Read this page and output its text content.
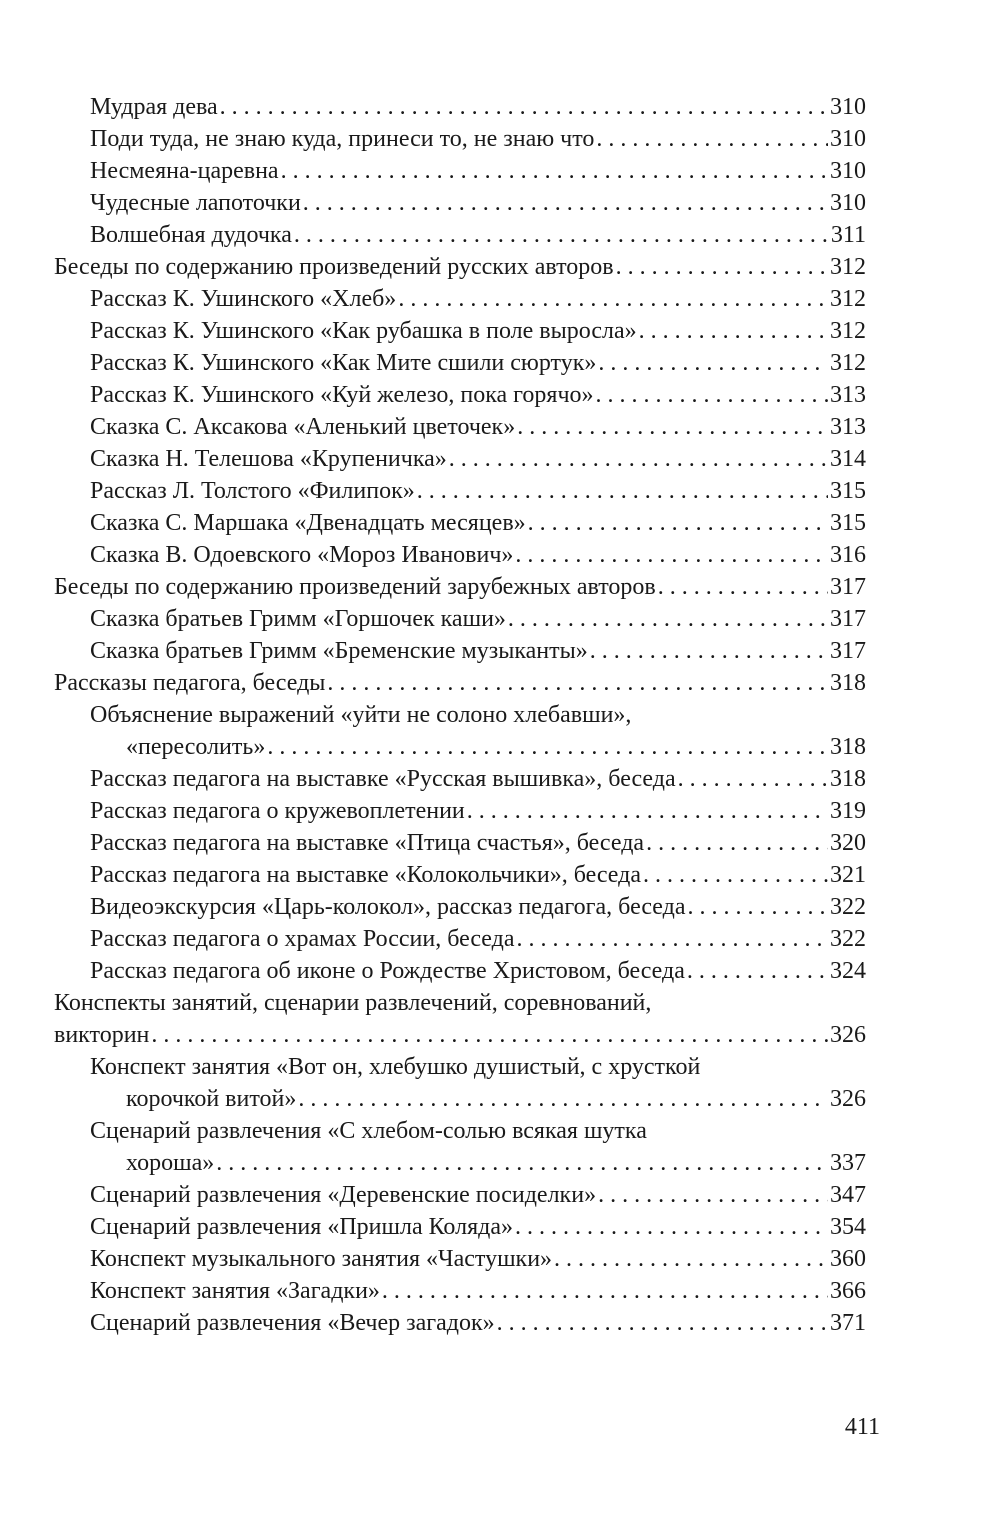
Мудрая дева . . .	310
Поди туда, не знаю куда, принеси то, не знаю что . . .	310
Несмеяна-царевна . . .	310
Чудесные лапоточки . . .	310
Волшебная дудочка . . .	311
Беседы по содержанию произведений русских авторов . . .	312
Рассказ К. Ушинского «Хлеб» . . .	312
Рассказ К. Ушинского «Как рубашка в поле выросла» . . .	312
Рассказ К. Ушинского «Как Мите сшили сюртук» . . .	312
Рассказ К. Ушинского «Куй железо, пока горячо» . . .	313
Сказка С. Аксакова «Аленький цветочек» . . .	313
Сказка Н. Телешова «Крупеничка» . . .	314
Рассказ Л. Толстого «Филипок» . . .	315
Сказка С. Маршака «Двенадцать месяцев» . . .	315
Сказка В. Одоевского «Мороз Иванович» . . .	316
Беседы по содержанию произведений зарубежных авторов . . .	317
Сказка братьев Гримм «Горшочек каши» . . .	317
Сказка братьев Гримм «Бременские музыканты» . . .	317
Рассказы педагога, беседы . . .	318
Объяснение выражений «уйти не солоно хлебавши»,
«пересолить» . . .	318
Рассказ педагога на выставке «Русская вышивка», беседа . . .	318
Рассказ педагога о кружевоплетении . . .	319
Рассказ педагога на выставке «Птица счастья», беседа . . .	320
Рассказ педагога на выставке «Колокольчики», беседа . . .	321
Видеоэкскурсия «Царь-колокол», рассказ педагога, беседа . . .	322
Рассказ педагога о храмах России, беседа . . .	322
Рассказ педагога об иконе о Рождестве Христовом, беседа . . .	324
Конспекты занятий, сценарии развлечений, соревнований,
викторин . . .	326
Конспект занятия «Вот он, хлебушко душистый, с хрусткой
корочкой витой» . . .	326
Сценарий развлечения «С хлебом-солью всякая шутка
хороша» . . .	337
Сценарий развлечения «Деревенские посиделки» . . .	347
Сценарий развлечения «Пришла Коляда» . . .	354
Конспект музыкального занятия «Частушки» . . .	360
Конспект занятия «Загадки» . . .	366
Сценарий развлечения «Вечер загадок» . . .	371
411
